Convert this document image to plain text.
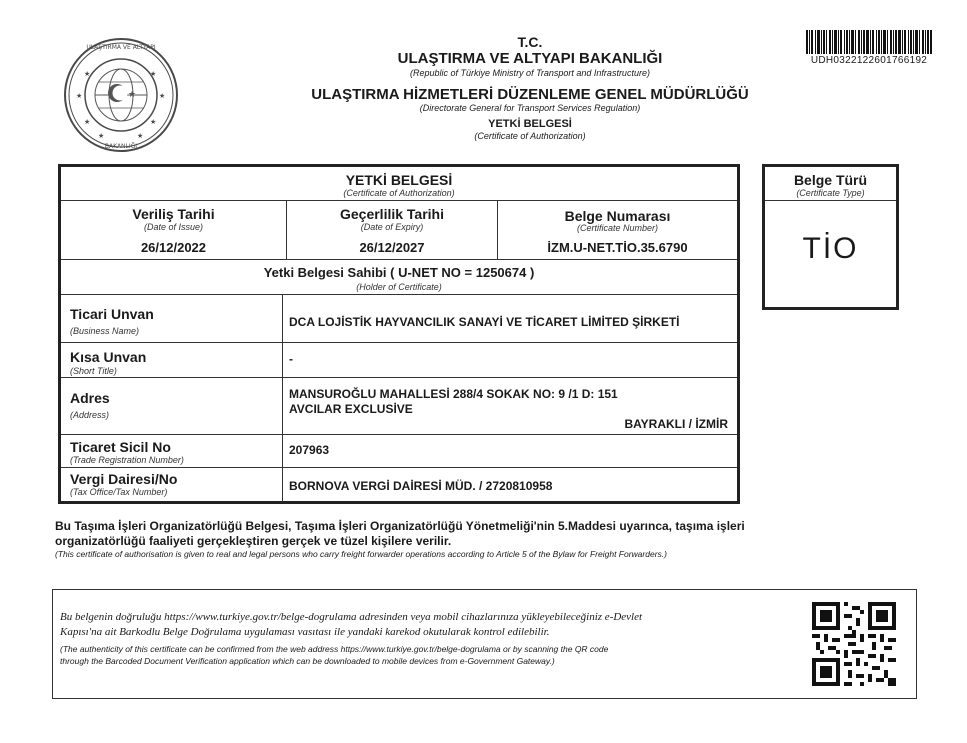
★
ULAŞTIRMA VE ALTYAPI
BAKANLIĞI
★	★
★	★
★	★
★	★
T.C.
ULAŞTIRMA VE ALTYAPI BAKANLIĞI
(Republic of Türkiye Ministry of Transport and Infrastructure)
ULAŞTIRMA HİZMETLERİ DÜZENLEME GENEL MÜDÜRLÜĞÜ
(Directorate General for Transport Services Regulation)
YETKİ BELGESİ
(Certificate of Authorization)
UDH0322122601766192
YETKİ BELGESİ
(Certificate of Authorization)
Veriliş Tarihi
(Date of Issue)
26/12/2022
Geçerlilik Tarihi
(Date of Expiry)
26/12/2027
Belge Numarası
(Certificate Number)
İZM.U-NET.TİO.35.6790
Yetki Belgesi Sahibi ( U-NET NO = 1250674 )
(Holder of Certificate)
Ticari Unvan
(Business Name)
DCA LOJİSTİK HAYVANCILIK SANAYİ VE TİCARET LİMİTED ŞİRKETİ
Kısa Unvan
(Short Title)
-
Adres
(Address)
MANSUROĞLU MAHALLESİ 288/4 SOKAK NO: 9 /1 D: 151
AVCILAR EXCLUSİVE
BAYRAKLI / İZMİR
Ticaret Sicil No
(Trade Registration Number)
207963
Vergi Dairesi/No
(Tax Office/Tax Number)	BORNOVA VERGİ DAİRESİ MÜD. / 2720810958
Belge Türü
(Certificate Type)
TİO
Bu Taşıma İşleri Organizatörlüğü Belgesi, Taşıma İşleri Organizatörlüğü Yönetmeliği'nin 5.Maddesi uyarınca, taşıma işleri
organizatörlüğü faaliyeti gerçekleştiren gerçek ve tüzel kişilere verilir.
(This certificate of authorisation is given to real and legal persons who carry freight forwarder operations according to Article 5 of the Bylaw for Freight Forwarders.)
Bu belgenin doğruluğu https://www.turkiye.gov.tr/belge-dogrulama adresinden veya mobil cihazlarınıza yükleyebileceğiniz e-Devlet
Kapısı'na ait Barkodlu Belge Doğrulama uygulaması vasıtası ile yandaki karekod okutularak kontrol edilebilir.
(The authenticity of this certificate can be confirmed from the web address https://www.turkiye.gov.tr/belge-dogrulama or by scanning the QR code
through the Barcoded Document Verification application which can be downloaded to mobile devices from e-Government Gateway.)
